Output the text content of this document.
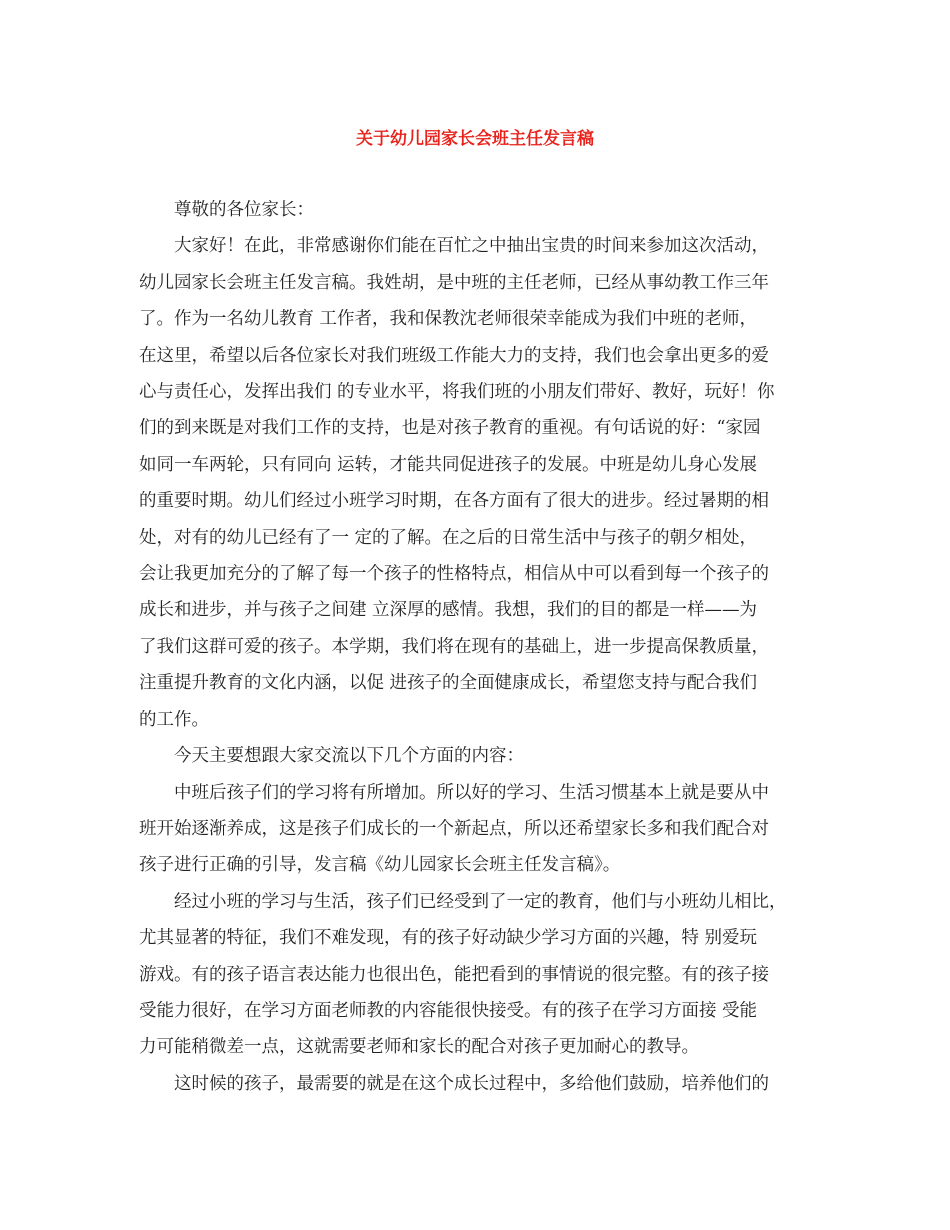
关于幼儿园家长会班主任发言稿
尊敬的各位家长：
大家好！在此，非常感谢你们能在百忙之中抽出宝贵的时间来参加这次活动，
幼儿园家长会班主任发言稿。我姓胡，是中班的主任老师，已经从事幼教工作三年
了。作为一名幼儿教育 工作者，我和保教沈老师很荣幸能成为我们中班的老师，
在这里，希望以后各位家长对我们班级工作能大力的支持，我们也会拿出更多的爱
心与责任心，发挥出我们 的专业水平，将我们班的小朋友们带好、教好，玩好！你
们的到来既是对我们工作的支持，也是对孩子教育的重视。有句话说的好：“家园
如同一车两轮，只有同向 运转，才能共同促进孩子的发展。中班是幼儿身心发展
的重要时期。幼儿们经过小班学习时期，在各方面有了很大的进步。经过暑期的相
处，对有的幼儿已经有了一 定的了解。在之后的日常生活中与孩子的朝夕相处，
会让我更加充分的了解了每一个孩子的性格特点，相信从中可以看到每一个孩子的
成长和进步，并与孩子之间建 立深厚的感情。我想，我们的目的都是一样——为
了我们这群可爱的孩子。本学期，我们将在现有的基础上，进一步提高保教质量，
注重提升教育的文化内涵，以促 进孩子的全面健康成长，希望您支持与配合我们
的工作。
今天主要想跟大家交流以下几个方面的内容：
中班后孩子们的学习将有所增加。所以好的学习、生活习惯基本上就是要从中
班开始逐渐养成，这是孩子们成长的一个新起点，所以还希望家长多和我们配合对
孩子进行正确的引导，发言稿《幼儿园家长会班主任发言稿》。
经过小班的学习与生活，孩子们已经受到了一定的教育，他们与小班幼儿相比，
尤其显著的特征，我们不难发现，有的孩子好动缺少学习方面的兴趣，特 别爱玩
游戏。有的孩子语言表达能力也很出色，能把看到的事情说的很完整。有的孩子接
受能力很好，在学习方面老师教的内容能很快接受。有的孩子在学习方面接 受能
力可能稍微差一点，这就需要老师和家长的配合对孩子更加耐心的教导。
这时候的孩子，最需要的就是在这个成长过程中，多给他们鼓励，培养他们的
